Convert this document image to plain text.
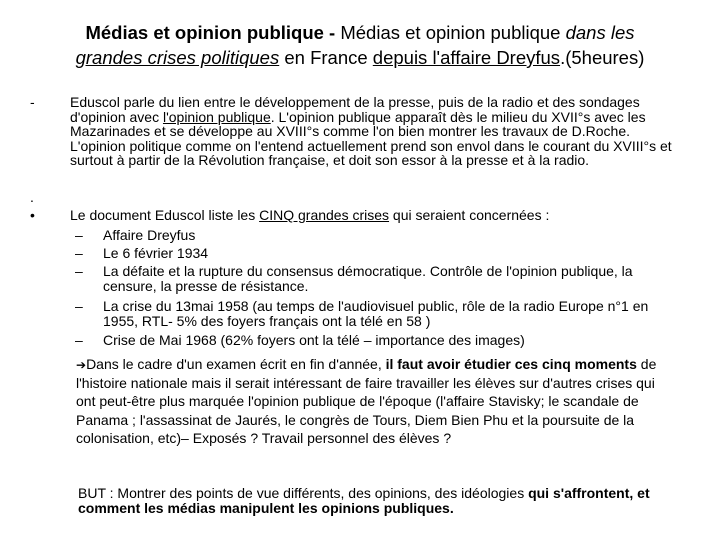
Médias et opinion publique - Médias et opinion publique dans les
grandes crises politiques en France depuis l'affaire Dreyfus.(5heures)
-	Eduscol parle du lien entre le développement de la presse, puis de la radio et des sondages d'opinion avec l'opinion publique. L'opinion publique apparaît dès le milieu du XVII°s avec les Mazarinades et se développe au XVIII°s comme l'on bien montrer les travaux de D.Roche. L'opinion politique comme on l'entend actuellement prend son envol dans le courant du XVIII°s et surtout à partir de la Révolution française, et doit son essor à la presse et à la radio.
.
•	Le document Eduscol liste les CINQ grandes crises qui seraient concernées :
– Affaire Dreyfus
– Le 6 février 1934
– La défaite et la rupture du consensus démocratique. Contrôle de l'opinion publique, la censure, la presse de résistance.
– La crise du 13mai 1958 (au temps de l'audiovisuel public, rôle de la radio Europe n°1 en 1955, RTL- 5% des foyers français ont la télé en 58 )
– Crise de Mai 1968 (62% foyers ont la télé – importance des images)
➔Dans le cadre d'un examen écrit en fin d'année, il faut avoir étudier ces cinq moments de l'histoire nationale mais il serait intéressant de faire travailler les élèves sur d'autres crises qui ont peut-être plus marquée l'opinion publique de l'époque (l'affaire Stavisky; le scandale de Panama ; l'assassinat de Jaurés, le congrès de Tours, Diem Bien Phu et la poursuite de la colonisation, etc)– Exposés ? Travail personnel des élèves ?
BUT : Montrer des points de vue différents, des opinions, des idéologies qui s'affrontent, et comment les médias manipulent les opinions publiques.
